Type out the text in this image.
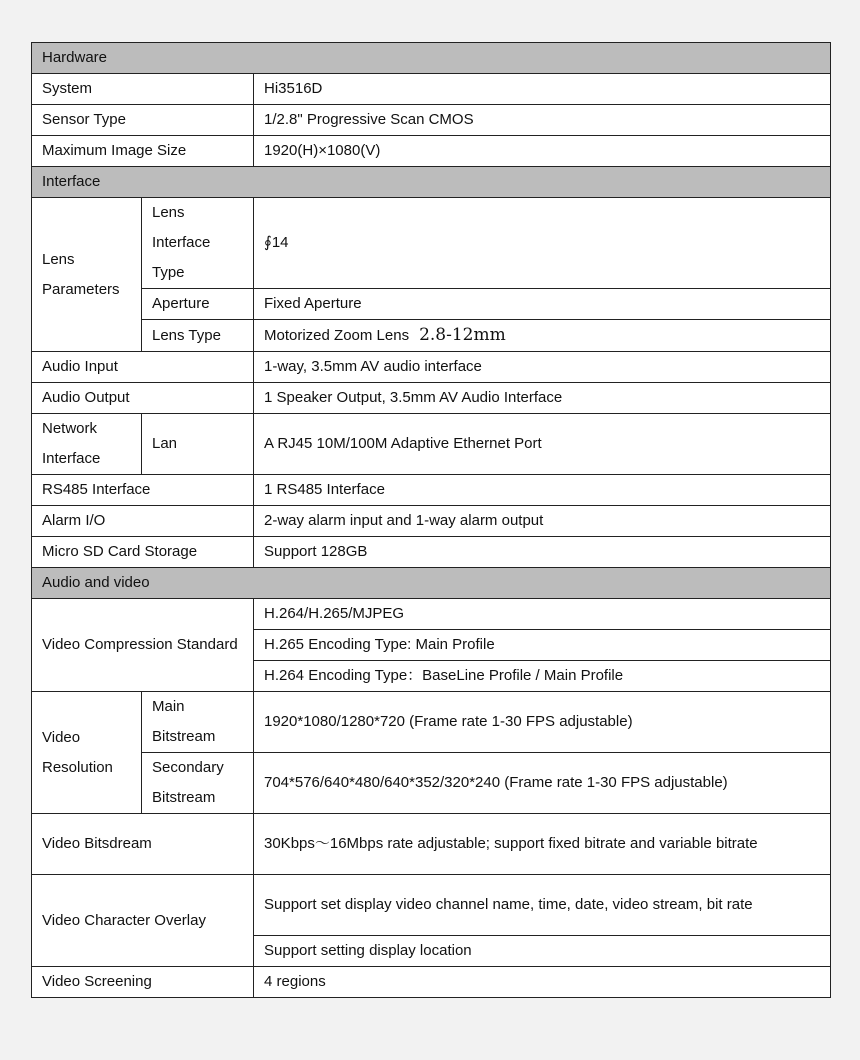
Hardware		
System		Hi3516D
Sensor Type		1/2.8" Progressive Scan CMOS
Maximum Image Size		1920(H)×1080(V)
Interface		
Lens Parameters	Lens Interface Type	∮14
	Aperture	Fixed Aperture
	Lens Type	Motorized Zoom Lens 2.8-12mm
Audio Input		1-way, 3.5mm AV audio interface
Audio Output		1 Speaker Output, 3.5mm AV Audio Interface
Network Interface	Lan	A RJ45 10M/100M Adaptive Ethernet Port
RS485 Interface		1 RS485 Interface
Alarm I/O		2-way alarm input and 1-way alarm output
Micro SD Card Storage		Support 128GB
Audio and video		
Video Compression Standard		H.264/H.265/MJPEG
		H.265 Encoding Type: Main Profile
		H.264 Encoding Type：BaseLine Profile / Main Profile
Video Resolution	Main Bitstream	1920*1080/1280*720 (Frame rate 1-30 FPS adjustable)
	Secondary Bitstream	704*576/640*480/640*352/320*240 (Frame rate 1-30 FPS adjustable)
Video Bitsdream		30Kbps～16Mbps rate adjustable; support fixed bitrate and variable bitrate
Video Character Overlay		Support set display video channel name, time, date, video stream, bit rate
		Support setting display location
Video Screening		4 regions
